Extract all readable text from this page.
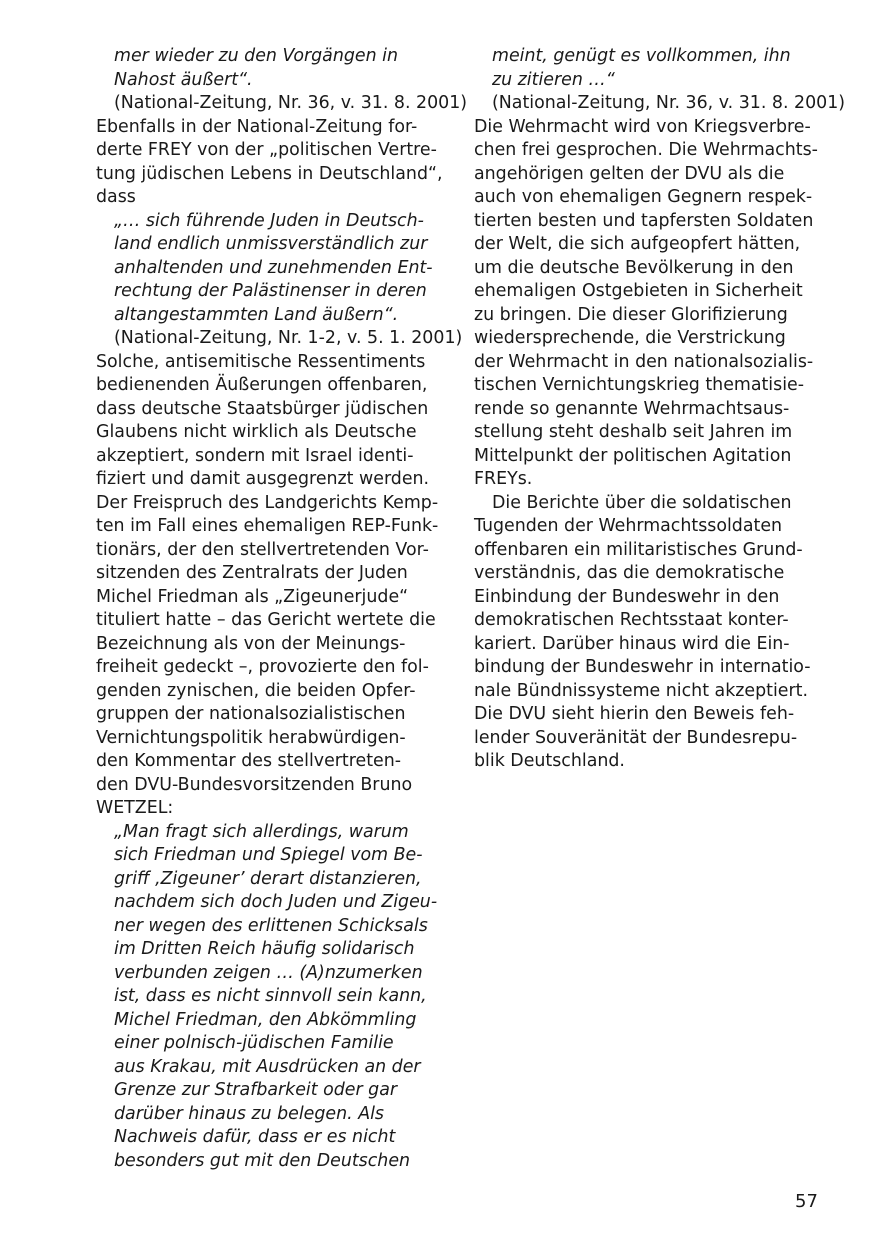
mer wieder zu den Vorgängen in
Nahost äußert“.
(National-Zeitung, Nr. 36, v. 31. 8. 2001)
Ebenfalls in der National-Zeitung for-
derte FREY von der „politischen Vertre-
tung jüdischen Lebens in Deutschland“,
dass
„… sich führende Juden in Deutsch-
land endlich unmissverständlich zur
anhaltenden und zunehmenden Ent-
rechtung der Palästinenser in deren
altangestammten Land äußern“.
(National-Zeitung, Nr. 1-2, v. 5. 1. 2001)
Solche, antisemitische Ressentiments
bedienenden Äußerungen offenbaren,
dass deutsche Staatsbürger jüdischen
Glaubens nicht wirklich als Deutsche
akzeptiert, sondern mit Israel identi-
fiziert und damit ausgegrenzt werden.
Der Freispruch des Landgerichts Kemp-
ten im Fall eines ehemaligen REP-Funk-
tionärs, der den stellvertretenden Vor-
sitzenden des Zentralrats der Juden
Michel Friedman als „Zigeunerjude“
tituliert hatte – das Gericht wertete die
Bezeichnung als von der Meinungs-
freiheit gedeckt –, provozierte den fol-
genden zynischen, die beiden Opfer-
gruppen der nationalsozialistischen
Vernichtungspolitik herabwürdigen-
den Kommentar des stellvertreten-
den DVU-Bundesvorsitzenden Bruno
WETZEL:
„Man fragt sich allerdings, warum
sich Friedman und Spiegel vom Be-
griff ‚Zigeuner’ derart distanzieren,
nachdem sich doch Juden und Zigeu-
ner wegen des erlittenen Schicksals
im Dritten Reich häufig solidarisch
verbunden zeigen … (A)nzumerken
ist, dass es nicht sinnvoll sein kann,
Michel Friedman, den Abkömmling
einer polnisch-jüdischen Familie
aus Krakau, mit Ausdrücken an der
Grenze zur Strafbarkeit oder gar
darüber hinaus zu belegen. Als
Nachweis dafür, dass er es nicht
besonders gut mit den Deutschen
meint, genügt es vollkommen, ihn
zu zitieren …“
(National-Zeitung, Nr. 36, v. 31. 8. 2001)
Die Wehrmacht wird von Kriegsverbre-
chen frei gesprochen. Die Wehrmachts-
angehörigen gelten der DVU als die
auch von ehemaligen Gegnern respek-
tierten besten und tapfersten Soldaten
der Welt, die sich aufgeopfert hätten,
um die deutsche Bevölkerung in den
ehemaligen Ostgebieten in Sicherheit
zu bringen. Die dieser Glorifizierung
wiedersprechende, die Verstrickung
der Wehrmacht in den nationalsozialis-
tischen Vernichtungskrieg thematisie-
rende so genannte Wehrmachtsaus-
stellung steht deshalb seit Jahren im
Mittelpunkt der politischen Agitation
FREYs.
Die Berichte über die soldatischen
Tugenden der Wehrmachtssoldaten
offenbaren ein militaristisches Grund-
verständnis, das die demokratische
Einbindung der Bundeswehr in den
demokratischen Rechtsstaat konter-
kariert. Darüber hinaus wird die Ein-
bindung der Bundeswehr in internatio-
nale Bündnissysteme nicht akzeptiert.
Die DVU sieht hierin den Beweis feh-
lender Souveränität der Bundesrepu-
blik Deutschland.
57
